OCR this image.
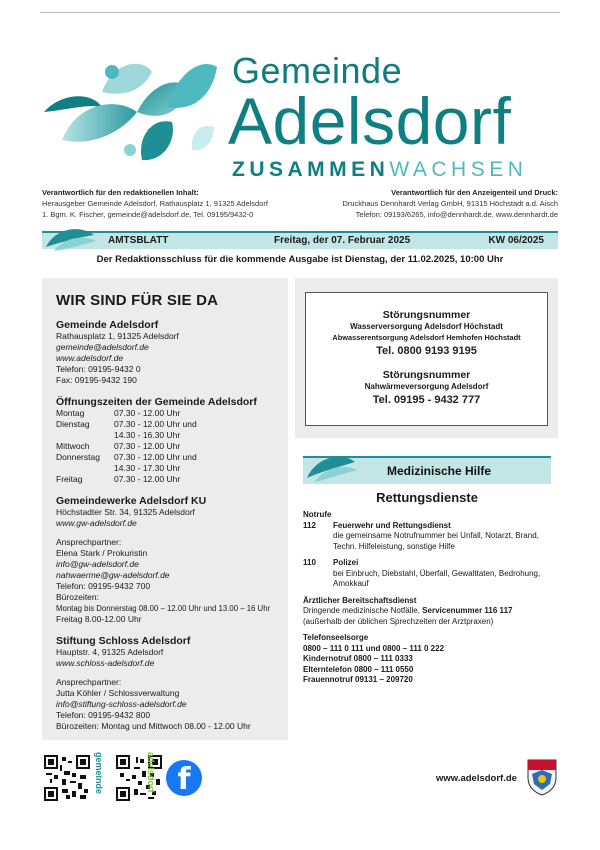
Gemeinde
Adelsdorf
ZUSAMMENWACHSEN
Verantwortlich für den redaktionellen Inhalt:
Herausgeber Gemeinde Adelsdorf, Rathausplatz 1, 91325 Adelsdorf
1. Bgm. K. Fischer, gemeinde@adelsdorf.de, Tel. 09195/9432-0
Verantwortlich für den Anzeigenteil und Druck:
Druckhaus Dennhardt Verlag GmbH, 91315 Höchstadt a.d. Aisch
Telefon: 09193/6265, info@dennhardt.de, www.dennhardt.de
AMTSBLATT	Freitag, der 07. Februar 2025	KW 06/2025
Der Redaktionsschluss für die kommende Ausgabe ist Dienstag, der 11.02.2025, 10:00 Uhr
WIR SIND FÜR SIE DA
Gemeinde Adelsdorf
Rathausplatz 1, 91325 Adelsdorf
gemeinde@adelsdorf.de
www.adelsdorf.de
Telefon: 09195-9432 0
Fax: 09195-9432 190
Öffnungszeiten der Gemeinde Adelsdorf
Montag	07.30 - 12.00 Uhr
Dienstag	07.30 - 12.00 Uhr und
14.30 - 16.30 Uhr
Mittwoch	07.30 - 12.00 Uhr
Donnerstag	07.30 - 12.00 Uhr und
14.30 - 17.30 Uhr
Freitag	07.30 - 12.00 Uhr
Gemeindewerke Adelsdorf KU
Höchstadter Str. 34, 91325 Adelsdorf
www.gw-adelsdorf.de
Ansprechpartner:
Elena Stark / Prokuristin
info@gw-adelsdorf.de
nahwaerme@gw-adelsdorf.de
Telefon: 09195-9432 700
Bürozeiten:
Montag bis Donnerstag 08.00 – 12.00 Uhr und 13.00 – 16 Uhr
Freitag 8.00-12.00 Uhr
Stiftung Schloss Adelsdorf
Hauptstr. 4, 91325 Adelsdorf
www.schloss-adelsdorf.de
Ansprechpartner:
Jutta Köhler / Schlossverwaltung
info@stiftung-schloss-adelsdorf.de
Telefon: 09195-9432 800
Bürozeiten: Montag und Mittwoch 08.00 - 12.00 Uhr
Störungsnummer
Wasserversorgung Adelsdorf Höchstadt
Abwasserentsorgung Adelsdorf Hemhofen Höchstadt
Tel. 0800 9193 9195
Störungsnummer
Nahwärmeversorgung Adelsdorf
Tel. 09195 - 9432 777
Medizinische Hilfe
Rettungsdienste
Notrufe
112	Feuerwehr und Rettungsdienst
die gemeinsame Notrufnummer bei Unfall, Notarzt, Brand,
Techn. Hilfeleistung, sonstige Hilfe
110	Polizei
bei Einbruch, Diebstahl, Überfall, Gewalttaten, Bedrohung,
Amokkauf
Ärztlicher Bereitschaftsdienst
Dringende medizinische Notfälle, Servicenummer 116 117
(außerhalb der üblichen Sprechzeiten der Arztpraxen)
Telefonseelsorge
0800 – 111 0 111 und 0800 – 111 0 222
Kindernotruf 0800 – 111 0333
Elterntelefon 0800 – 111 0550
Frauennotruf 09131 – 209720
gemeinde	adelsdorf f	www.adelsdorf.de
